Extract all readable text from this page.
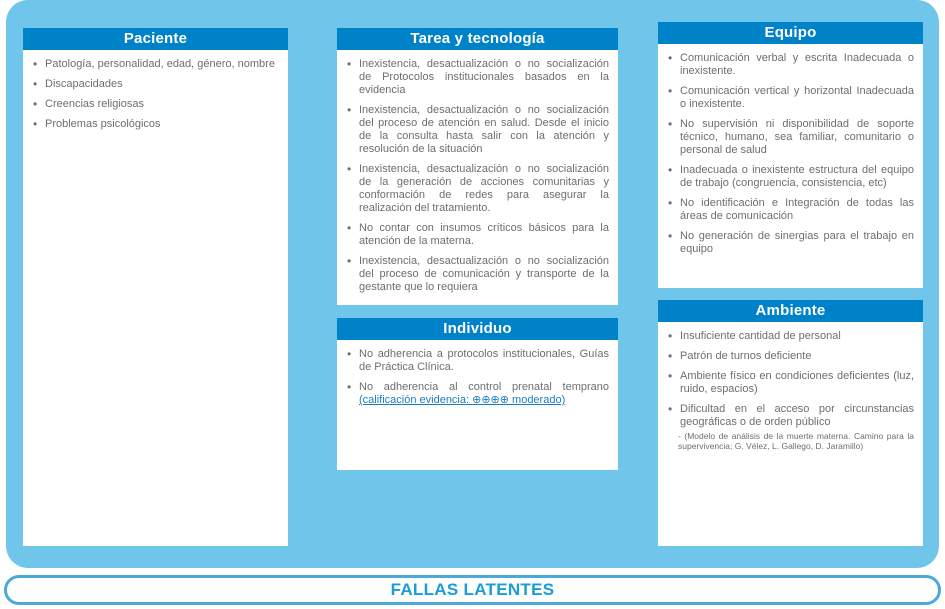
Paciente
• Patología, personalidad, edad, género, nombre
• Discapacidades
• Creencias religiosas
• Problemas psicológicos
Tarea y tecnología
• Inexistencia, desactualización o no socialización de Protocolos institucionales basados en la evidencia
• Inexistencia, desactualización o no socialización del proceso de atención en salud. Desde el inicio de la consulta hasta salir con la atención y resolución de la situación
• Inexistencia, desactualización o no socialización de la generación de acciones comunitarias y conformación de redes para asegurar la realización del tratamiento.
• No contar con insumos críticos básicos para la atención de la materna.
• Inexistencia, desactualización o no socialización del proceso de comunicación y transporte de la gestante que lo requiera
Individuo
• No adherencia a protocolos institucionales, Guías de Práctica Clínica.
• No adherencia al control prenatal temprano (calificación evidencia: ⊕⊕⊕⊕ moderado)
Equipo
• Comunicación verbal y escrita Inadecuada o inexistente.
• Comunicación vertical y horizontal Inadecuada o inexistente.
• No supervisión ni disponibilidad de soporte técnico, humano, sea familiar, comunitario o personal de salud
• Inadecuada o inexistente estructura del equipo de trabajo (congruencia, consistencia, etc)
• No identificación e Integración de todas las áreas de comunicación
• No generación de sinergias para el trabajo en equipo
Ambiente
• Insuficiente cantidad de personal
• Patrón de turnos deficiente
• Ambiente físico en condiciones deficientes (luz, ruido, espacios)
• Dificultad en el acceso por circunstancias geográficas o de orden público
- (Modelo de análisis de la muerte materna. Camino para la supervivencia; G. Vélez, L. Gallego, D. Jaramillo)
FALLAS LATENTES
